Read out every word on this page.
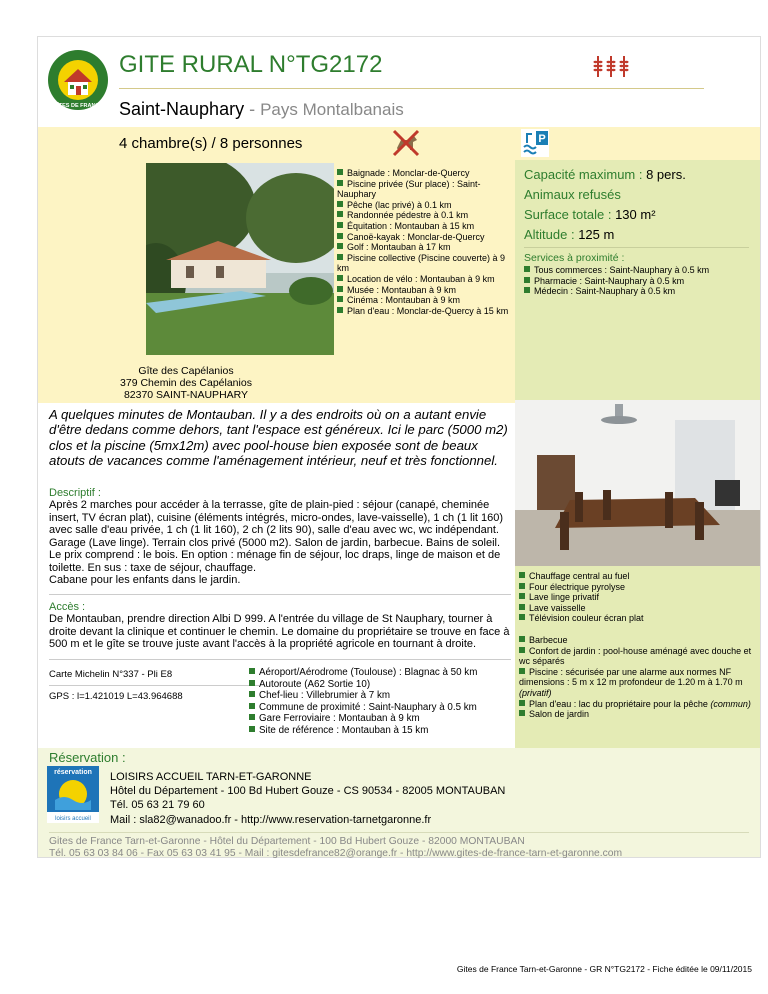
GÎTES DE FRANCE
GITE RURAL N°TG2172
Saint-Nauphary - Pays Montalbanais
4 chambre(s) / 8 personnes	P
Baignade : Monclar-de-Quercy
Piscine privée (Sur place) : Saint-Nauphary
Pêche (lac privé) à 0.1 km
Randonnée pédestre à 0.1 km
Équitation : Montauban à 15 km
Canoë-kayak : Monclar-de-Quercy
Golf : Montauban à 17 km
Piscine collective (Piscine couverte) à 9 km
Location de vélo : Montauban à 9 km
Musée : Montauban à 9 km
Cinéma : Montauban à 9 km
Plan d'eau : Monclar-de-Quercy à 15 km
Gîte des Capélanios
379 Chemin des Capélanios
82370 SAINT-NAUPHARY
Capacité maximum : 8 pers.
Animaux refusés
Surface totale : 130 m²
Altitude : 125 m
Services à proximité :
Tous commerces : Saint-Nauphary à 0.5 km
Pharmacie : Saint-Nauphary à 0.5 km
Médecin : Saint-Nauphary à 0.5 km
Chauffage central au fuel
Four électrique pyrolyse
Lave linge privatif
Lave vaisselle
Télévision couleur écran plat
Barbecue
Confort de jardin : pool-house aménagé avec douche et wc séparés
Piscine : sécurisée par une alarme aux normes NF dimensions : 5 m x 12 m profondeur de 1.20 m à 1.70 m (privatif)
Plan d'eau : lac du propriétaire pour la pêche (commun)
Salon de jardin
A quelques minutes de Montauban. Il y a des endroits où on a autant envie d'être dedans comme dehors, tant l'espace est généreux. Ici le parc (5000 m2) clos et la piscine (5mx12m) avec pool-house bien exposée sont de beaux atouts de vacances comme l'aménagement intérieur, neuf et très fonctionnel.
Descriptif :
Après 2 marches pour accéder à la terrasse, gîte de plain-pied : séjour (canapé, cheminée insert, TV écran plat), cuisine (éléments intégrés, micro-ondes, lave-vaisselle), 1 ch (1 lit 160) avec salle d'eau privée, 1 ch (1 lit 160), 2 ch (2 lits 90), salle d'eau avec wc, wc indépendant. Garage (Lave linge). Terrain clos privé (5000 m2). Salon de jardin, barbecue. Bains de soleil. Le prix comprend : le bois. En option : ménage fin de séjour, loc draps, linge de maison et de toilette. En sus : taxe de séjour, chauffage.
Cabane pour les enfants dans le jardin.
Accès :
De Montauban, prendre direction Albi D 999. A l'entrée du village de St Nauphary, tourner à droite devant la clinique et continuer le chemin. Le domaine du propriétaire se trouve en face à 500 m et le gîte se trouve juste avant l'accès à la propriété agricole en tournant à droite.
Carte Michelin N°337 - Pli E8
GPS : l=1.421019 L=43.964688
Aéroport/Aérodrome (Toulouse) : Blagnac à 50 km
Autoroute (A62 Sortie 10)
Chef-lieu : Villebrumier à 7 km
Commune de proximité : Saint-Nauphary à 0.5 km
Gare Ferroviaire : Montauban à 9 km
Site de référence : Montauban à 15 km
Réservation :
réservation
loisirs accueil
LOISIRS ACCUEIL TARN-ET-GARONNE
Hôtel du Département - 100 Bd Hubert Gouze - CS 90534 - 82005 MONTAUBAN
Tél. 05 63 21 79 60
Mail : sla82@wanadoo.fr - http://www.reservation-tarnetgaronne.fr
Gites de France Tarn-et-Garonne - Hôtel du Département - 100 Bd Hubert Gouze - 82000 MONTAUBAN
Tél. 05 63 03 84 06 - Fax 05 63 03 41 95 - Mail : gitesdefrance82@orange.fr - http://www.gites-de-france-tarn-et-garonne.com
Gites de France Tarn-et-Garonne - GR N°TG2172 - Fiche éditée le 09/11/2015
